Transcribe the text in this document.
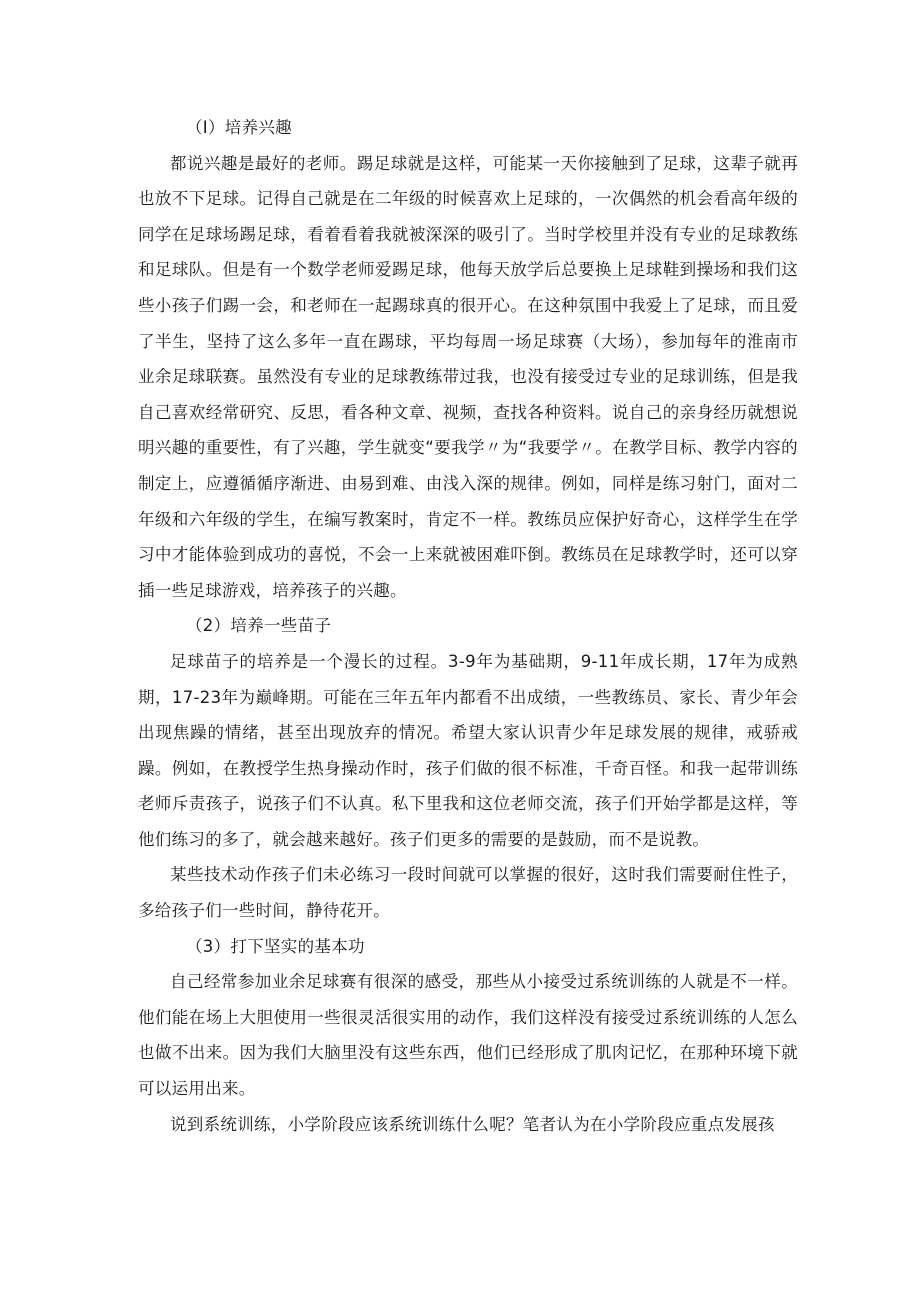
（I）培养兴趣

都说兴趣是最好的老师。踢足球就是这样，可能某一天你接触到了足球，这辈子就再也放不下足球。记得自己就是在二年级的时候喜欢上足球的，一次偶然的机会看高年级的同学在足球场踢足球，看着看着我就被深深的吸引了。当时学校里并没有专业的足球教练和足球队。但是有一个数学老师爱踢足球，他每天放学后总要换上足球鞋到操场和我们这些小孩子们踢一会，和老师在一起踢球真的很开心。在这种氛围中我爱上了足球，而且爱了半生，坚持了这么多年一直在踢球，平均每周一场足球赛（大场），参加每年的淮南市业余足球联赛。虽然没有专业的足球教练带过我，也没有接受过专业的足球训练，但是我自己喜欢经常研究、反思，看各种文章、视频，查找各种资料。说自己的亲身经历就想说明兴趣的重要性，有了兴趣，学生就变“要我学〃为“我要学〃。在教学目标、教学内容的制定上，应遵循循序渐进、由易到难、由浅入深的规律。例如，同样是练习射门，面对二年级和六年级的学生，在编写教案时，肯定不一样。教练员应保护好奇心，这样学生在学习中才能体验到成功的喜悦，不会一上来就被困难吓倒。教练员在足球教学时，还可以穿插一些足球游戏，培养孩子的兴趣。

（2）培养一些苗子

足球苗子的培养是一个漫长的过程。3-9年为基础期，9-11年成长期，17年为成熟期，17-23年为巅峰期。可能在三年五年内都看不出成绩，一些教练员、家长、青少年会出现焦躁的情绪，甚至出现放弃的情况。希望大家认识青少年足球发展的规律，戒骄戒躁。例如，在教授学生热身操动作时，孩子们做的很不标准，千奇百怪。和我一起带训练老师斥责孩子，说孩子们不认真。私下里我和这位老师交流，孩子们开始学都是这样，等他们练习的多了，就会越来越好。孩子们更多的需要的是鼓励，而不是说教。

某些技术动作孩子们未必练习一段时间就可以掌握的很好，这时我们需要耐住性子，多给孩子们一些时间，静待花开。

（3）打下坚实的基本功

自己经常参加业余足球赛有很深的感受，那些从小接受过系统训练的人就是不一样。他们能在场上大胆使用一些很灵活很实用的动作，我们这样没有接受过系统训练的人怎么也做不出来。因为我们大脑里没有这些东西，他们已经形成了肌肉记忆，在那种环境下就可以运用出来。

说到系统训练，小学阶段应该系统训练什么呢？笔者认为在小学阶段应重点发展孩
